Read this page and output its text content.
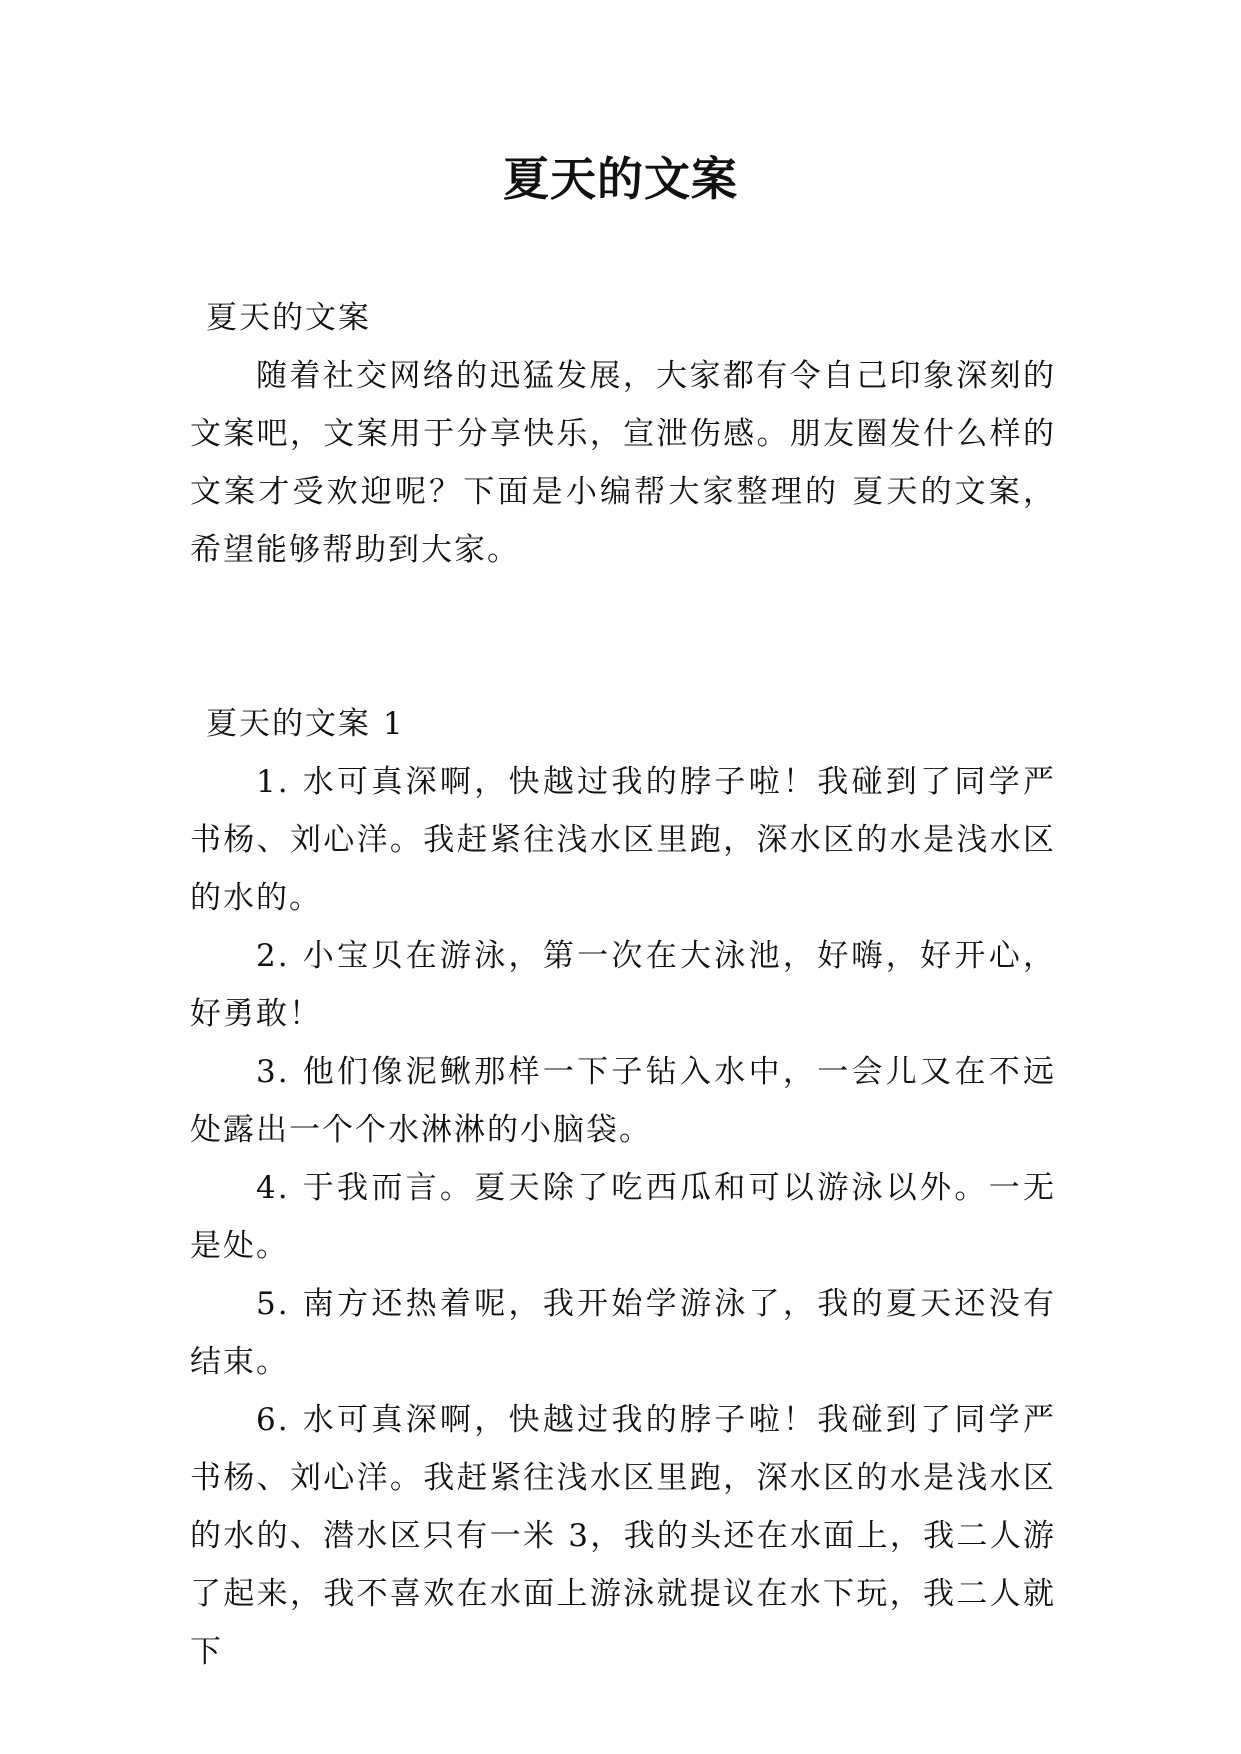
夏天的文案

夏天的文案

随着社交网络的迅猛发展，大家都有令自己印象深刻的文案吧，文案用于分享快乐，宣泄伤感。朋友圈发什么样的文案才受欢迎呢？下面是小编帮大家整理的 夏天的文案，希望能够帮助到大家。

夏天的文案 1

1. 水可真深啊，快越过我的脖子啦！我碰到了同学严书杨、刘心洋。我赶紧往浅水区里跑，深水区的水是浅水区的水的。

2. 小宝贝在游泳，第一次在大泳池，好嗨，好开心，好勇敢！

3. 他们像泥鳅那样一下子钻入水中，一会儿又在不远处露出一个个水淋淋的小脑袋。

4. 于我而言。夏天除了吃西瓜和可以游泳以外。一无是处。

5. 南方还热着呢，我开始学游泳了，我的夏天还没有结束。

6. 水可真深啊，快越过我的脖子啦！我碰到了同学严书杨、刘心洋。我赶紧往浅水区里跑，深水区的水是浅水区的水的、潜水区只有一米 3，我的头还在水面上，我二人游了起来，我不喜欢在水面上游泳就提议在水下玩，我二人就下
